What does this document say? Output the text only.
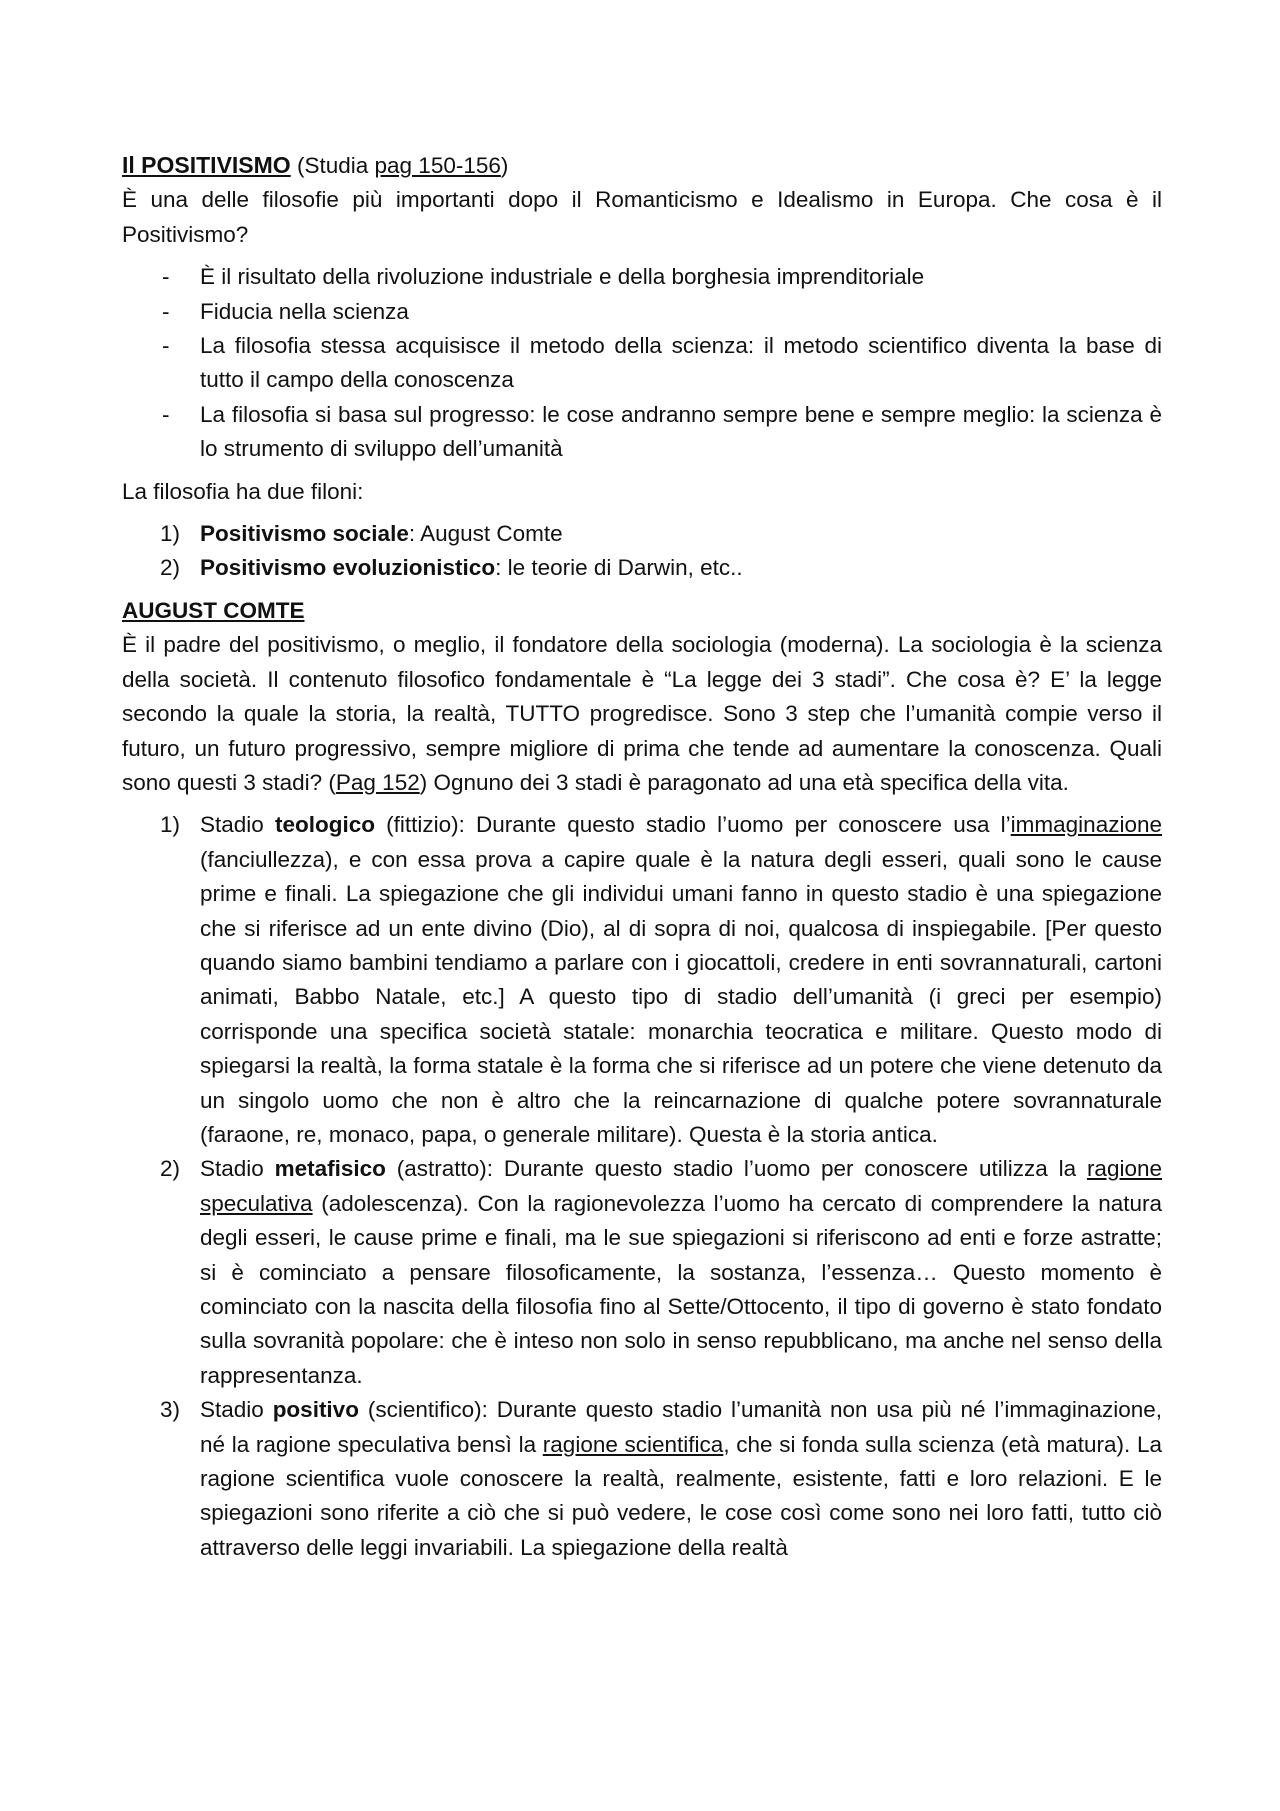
Il POSITIVISMO (Studia pag 150-156)

È una delle filosofie più importanti dopo il Romanticismo e Idealismo in Europa. Che cosa è il Positivismo?

- È il risultato della rivoluzione industriale e della borghesia imprenditoriale
- Fiducia nella scienza
- La filosofia stessa acquisisce il metodo della scienza: il metodo scientifico diventa la base di tutto il campo della conoscenza
- La filosofia si basa sul progresso: le cose andranno sempre bene e sempre meglio: la scienza è lo strumento di sviluppo dell’umanità

La filosofia ha due filoni:

1) Positivismo sociale: August Comte
2) Positivismo evoluzionistico: le teorie di Darwin, etc..

AUGUST COMTE

È il padre del positivismo, o meglio, il fondatore della sociologia (moderna). La sociologia è la scienza della società. Il contenuto filosofico fondamentale è “La legge dei 3 stadi”. Che cosa è? E’ la legge secondo la quale la storia, la realtà, TUTTO progredisce. Sono 3 step che l’umanità compie verso il futuro, un futuro progressivo, sempre migliore di prima che tende ad aumentare la conoscenza. Quali sono questi 3 stadi? (Pag 152) Ognuno dei 3 stadi è paragonato ad una età specifica della vita.

1) Stadio teologico (fittizio): Durante questo stadio l’uomo per conoscere usa l’immaginazione (fanciullezza), e con essa prova a capire quale è la natura degli esseri, quali sono le cause prime e finali. La spiegazione che gli individui umani fanno in questo stadio è una spiegazione che si riferisce ad un ente divino (Dio), al di sopra di noi, qualcosa di inspiegabile. [Per questo quando siamo bambini tendiamo a parlare con i giocattoli, credere in enti sovrannaturali, cartoni animati, Babbo Natale, etc.] A questo tipo di stadio dell’umanità (i greci per esempio) corrisponde una specifica società statale: monarchia teocratica e militare. Questo modo di spiegarsi la realtà, la forma statale è la forma che si riferisce ad un potere che viene detenuto da un singolo uomo che non è altro che la reincarnazione di qualche potere sovrannaturale (faraone, re, monaco, papa, o generale militare). Questa è la storia antica.
2) Stadio metafisico (astratto): Durante questo stadio l’uomo per conoscere utilizza la ragione speculativa (adolescenza). Con la ragionevolezza l’uomo ha cercato di comprendere la natura degli esseri, le cause prime e finali, ma le sue spiegazioni si riferiscono ad enti e forze astratte; si è cominciato a pensare filosoficamente, la sostanza, l’essenza… Questo momento è cominciato con la nascita della filosofia fino al Sette/Ottocento, il tipo di governo è stato fondato sulla sovranità popolare: che è inteso non solo in senso repubblicano, ma anche nel senso della rappresentanza.
3) Stadio positivo (scientifico): Durante questo stadio l’umanità non usa più né l’immaginazione, né la ragione speculativa bensì la ragione scientifica, che si fonda sulla scienza (età matura). La ragione scientifica vuole conoscere la realtà, realmente, esistente, fatti e loro relazioni. E le spiegazioni sono riferite a ciò che si può vedere, le cose così come sono nei loro fatti, tutto ciò attraverso delle leggi invariabili. La spiegazione della realtà
